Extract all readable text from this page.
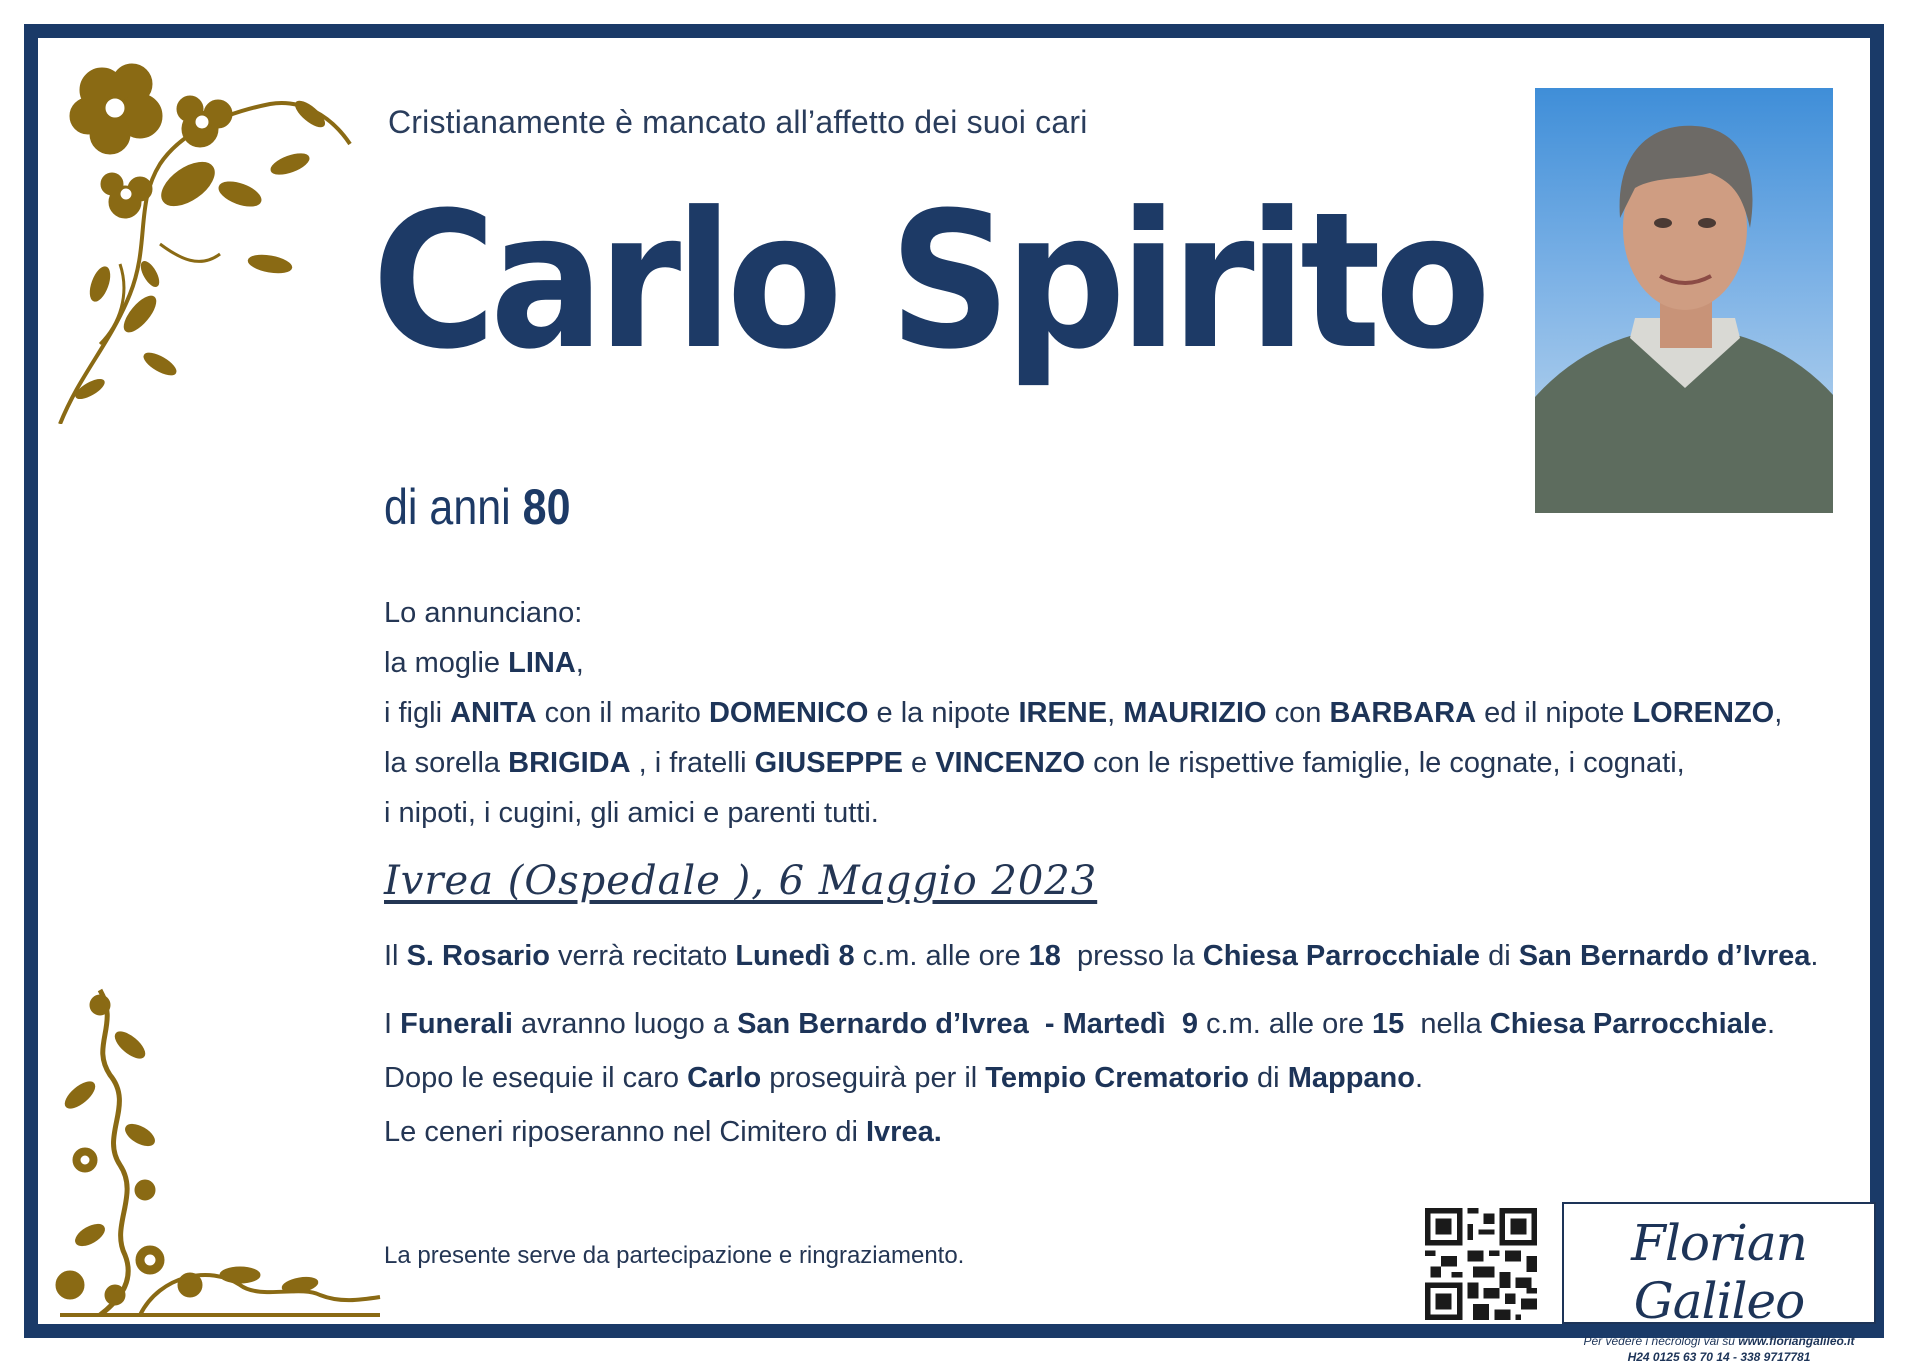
Cristianamente è mancato all’affetto dei suoi cari
Carlo Spirito
di anni 80
Lo annunciano:
la moglie LINA,
i figli ANITA con il marito DOMENICO e la nipote IRENE, MAURIZIO con BARBARA ed il nipote LORENZO,
la sorella BRIGIDA , i fratelli GIUSEPPE e VINCENZO con le rispettive famiglie, le cognate, i cognati,
i nipoti, i cugini, gli amici e parenti tutti.
Ivrea (Ospedale ), 6 Maggio 2023
Il S. Rosario verrà recitato Lunedì 8 c.m. alle ore 18  presso la Chiesa Parrocchiale di San Bernardo d’Ivrea.
I Funerali avranno luogo a San Bernardo d’Ivrea  - Martedì  9 c.m. alle ore 15  nella Chiesa Parrocchiale.
Dopo le esequie il caro Carlo proseguirà per il Tempio Crematorio di Mappano.
Le ceneri riposeranno nel Cimitero di Ivrea.
La presente serve da partecipazione e ringraziamento.	Florian Galileo
Per vedere i necrologi vai su www.floriangalileo.it
H24 0125 63 70 14 - 338 9717781
